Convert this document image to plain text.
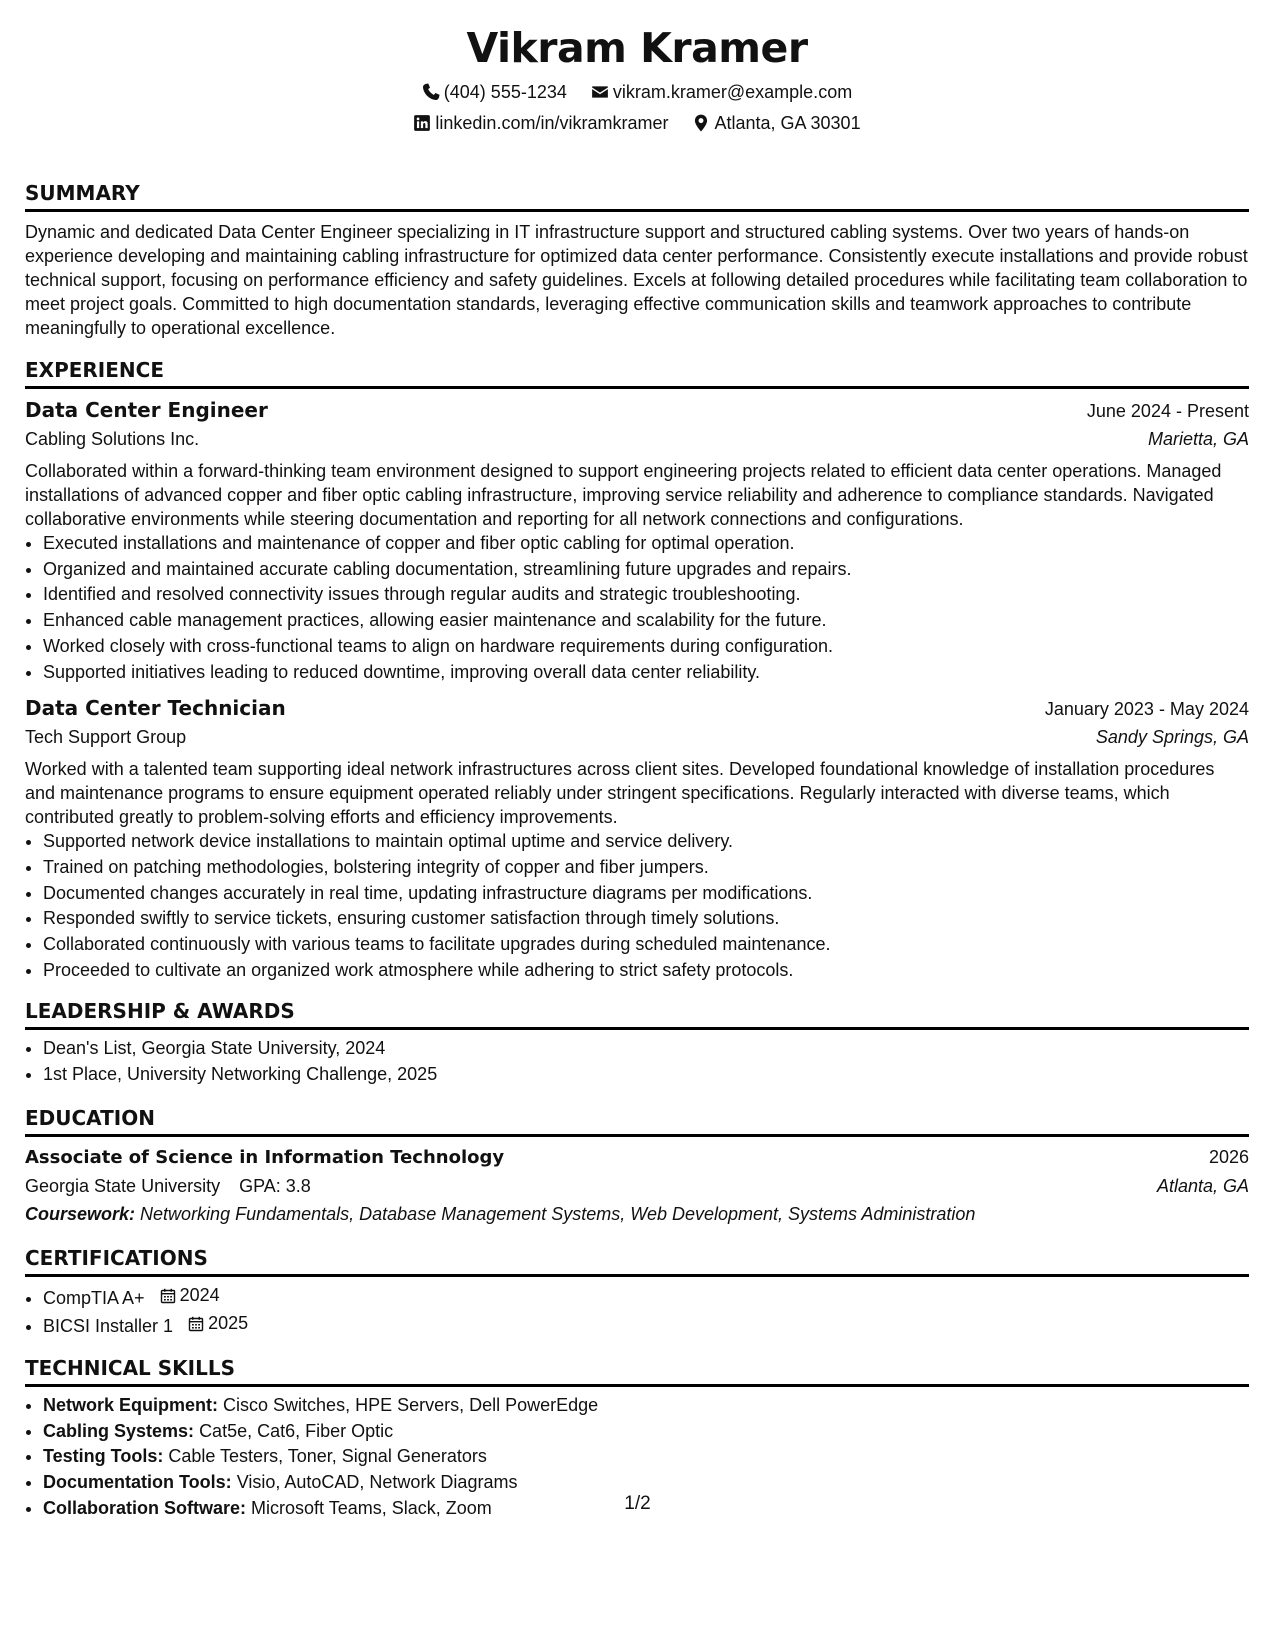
Vikram Kramer
(404) 555-1234	vikram.kramer@example.com
linkedin.com/in/vikramkramer	Atlanta, GA 30301
SUMMARY

Dynamic and dedicated Data Center Engineer specializing in IT infrastructure support and structured cabling systems. Over two years of hands-on experience developing and maintaining cabling infrastructure for optimized data center performance. Consistently execute installations and provide robust technical support, focusing on performance efficiency and safety guidelines. Excels at following detailed procedures while facilitating team collaboration to meet project goals. Committed to high documentation standards, leveraging effective communication skills and teamwork approaches to contribute meaningfully to operational excellence.

EXPERIENCE
Data Center Engineer	June 2024 - Present
Cabling Solutions Inc.	Marietta, GA

Collaborated within a forward-thinking team environment designed to support engineering projects related to efficient data center operations. Managed installations of advanced copper and fiber optic cabling infrastructure, improving service reliability and adherence to compliance standards. Navigated collaborative environments while steering documentation and reporting for all network connections and configurations.

• Executed installations and maintenance of copper and fiber optic cabling for optimal operation.
• Organized and maintained accurate cabling documentation, streamlining future upgrades and repairs.
• Identified and resolved connectivity issues through regular audits and strategic troubleshooting.
• Enhanced cable management practices, allowing easier maintenance and scalability for the future.
• Worked closely with cross-functional teams to align on hardware requirements during configuration.
• Supported initiatives leading to reduced downtime, improving overall data center reliability.
Data Center Technician	January 2023 - May 2024
Tech Support Group	Sandy Springs, GA

Worked with a talented team supporting ideal network infrastructures across client sites. Developed foundational knowledge of installation procedures and maintenance programs to ensure equipment operated reliably under stringent specifications. Regularly interacted with diverse teams, which contributed greatly to problem-solving efforts and efficiency improvements.

• Supported network device installations to maintain optimal uptime and service delivery.
• Trained on patching methodologies, bolstering integrity of copper and fiber jumpers.
• Documented changes accurately in real time, updating infrastructure diagrams per modifications.
• Responded swiftly to service tickets, ensuring customer satisfaction through timely solutions.
• Collaborated continuously with various teams to facilitate upgrades during scheduled maintenance.
• Proceeded to cultivate an organized work atmosphere while adhering to strict safety protocols.
LEADERSHIP & AWARDS
• Dean's List, Georgia State University, 2024
• 1st Place, University Networking Challenge, 2025
EDUCATION
Associate of Science in Information Technology	2026
Georgia State University GPA: 3.8	Atlanta, GA
Coursework: Networking Fundamentals, Database Management Systems, Web Development, Systems Administration
CERTIFICATIONS
• CompTIA A+ 2024
• BICSI Installer 1 2025
TECHNICAL SKILLS
• Network Equipment: Cisco Switches, HPE Servers, Dell PowerEdge
• Cabling Systems: Cat5e, Cat6, Fiber Optic
• Testing Tools: Cable Testers, Toner, Signal Generators
• Documentation Tools: Visio, AutoCAD, Network Diagrams
• Collaboration Software: Microsoft Teams, Slack, Zoom	1/2
